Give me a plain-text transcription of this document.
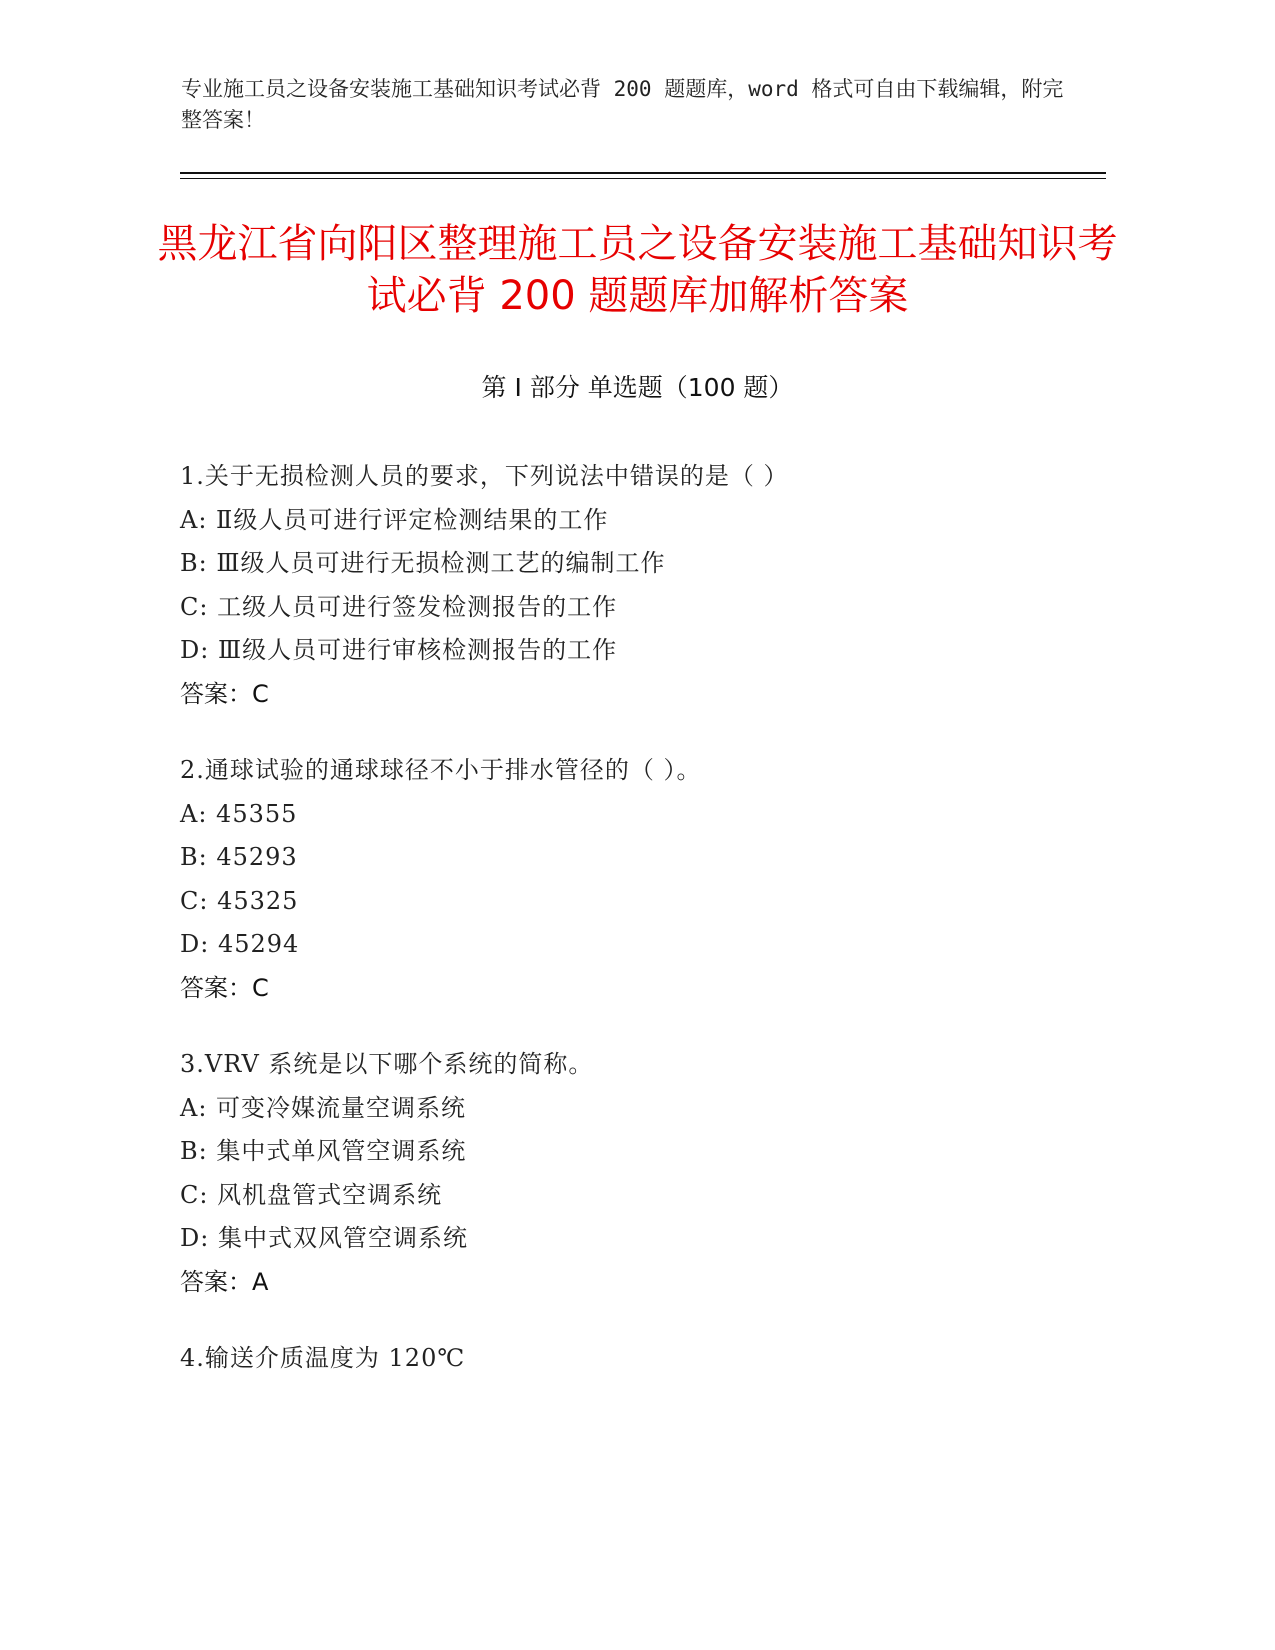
专业施工员之设备安装施工基础知识考试必背 200 题题库，word 格式可自由下载编辑，附完整答案！
黑龙江省向阳区整理施工员之设备安装施工基础知识考试必背 200 题题库加解析答案
第 I 部分 单选题（100 题）
1.关于无损检测人员的要求，下列说法中错误的是（ ）
A: Ⅱ级人员可进行评定检测结果的工作
B: Ⅲ级人员可进行无损检测工艺的编制工作
C: 工级人员可进行签发检测报告的工作
D: Ⅲ级人员可进行审核检测报告的工作
答案：C
2.通球试验的通球球径不小于排水管径的（ ）。
A: 45355
B: 45293
C: 45325
D: 45294
答案：C
3.VRV 系统是以下哪个系统的简称。
A: 可变冷媒流量空调系统
B: 集中式单风管空调系统
C: 风机盘管式空调系统
D: 集中式双风管空调系统
答案：A
4.输送介质温度为 120℃
